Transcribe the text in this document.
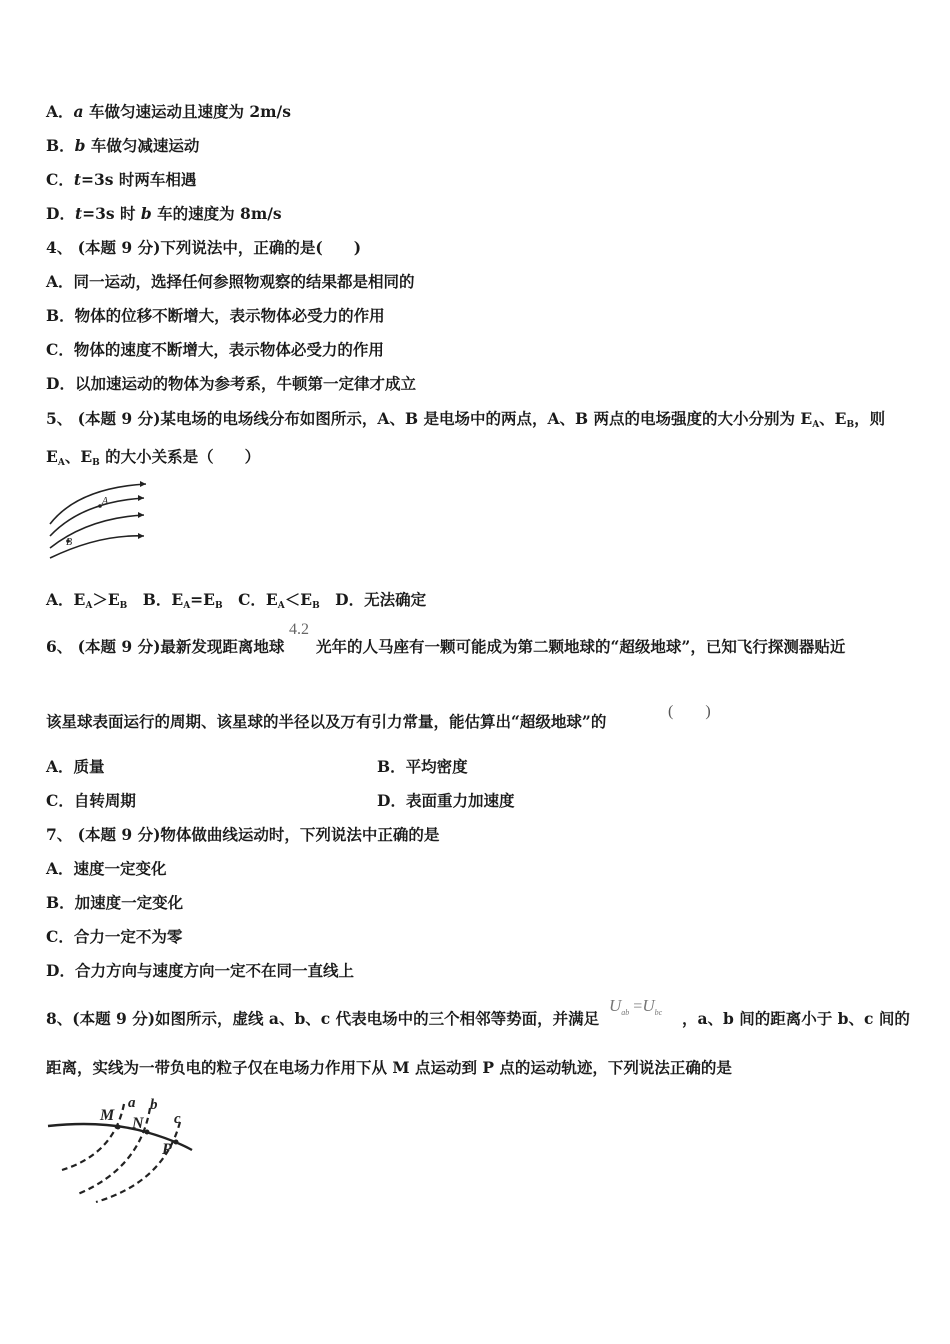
A．a 车做匀速运动且速度为 2m/s
B．b 车做匀减速运动
C．t=3s 时两车相遇
D．t=3s 时 b 车的速度为 8m/s
4、 (本题 9 分)下列说法中，正确的是(　　)
A．同一运动，选择任何参照物观察的结果都是相同的
B．物体的位移不断增大，表示物体必受力的作用
C．物体的速度不断增大，表示物体必受力的作用
D．以加速运动的物体为参考系，牛顿第一定律才成立
5、 (本题 9 分)某电场的电场线分布如图所示，A、B 是电场中的两点，A、B 两点的电场强度的大小分别为 $E_A$、$E_B$，则
$E_A$、$E_B$ 的大小关系是（　　）
A
B
A．$E_A>E_B$　B．$E_A=E_B$　C．$E_A<E_B$　D．无法确定
6、 (本题 9 分)最新发现距离地球
4.2
光年的人马座有一颗可能成为第二颗地球的“超级地球”，已知飞行探测器贴近
该星球表面运行的周期、该星球的半径以及万有引力常量，能估算出“超级地球”的
(　　)
A．质量	B．平均密度
C．自转周期	D．表面重力加速度
7、 (本题 9 分)物体做曲线运动时，下列说法中正确的是
A．速度一定变化
B．加速度一定变化
C．合力一定不为零
D．合力方向与速度方向一定不在同一直线上
8、(本题 9 分)如图所示，虚线 a、b、c 代表电场中的三个相邻等势面，并满足
$U_{ab} =U_{bc}$ ，a、b 间的距离小于 b、c 间的
距离，实线为一带负电的粒子仅在电场力作用下从 M 点运动到 P 点的运动轨迹，下列说法正确的是
M N
P
a b
c
